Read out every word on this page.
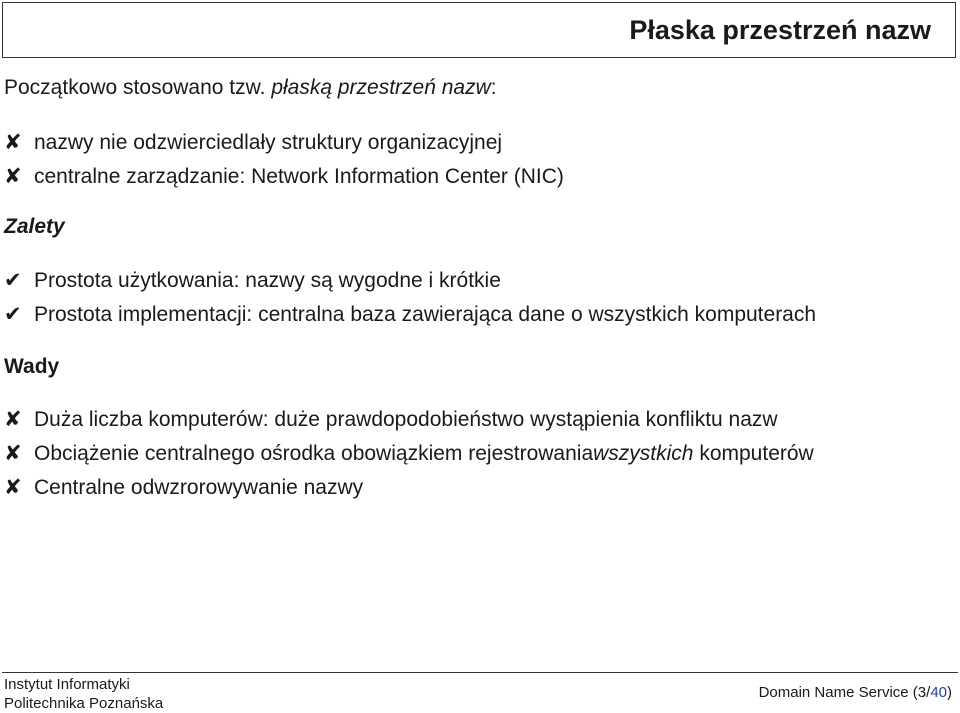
Płaska przestrzeń nazw
Początkowo stosowano tzw. płaską przestrzeń nazw:
✘ nazwy nie odzwierciedlały struktury organizacyjnej
✘ centralne zarządzanie: Network Information Center (NIC)
Zalety
✔ Prostota użytkowania: nazwy są wygodne i krótkie
✔ Prostota implementacji: centralna baza zawierająca dane o wszystkich komputerach
Wady
✘ Duża liczba komputerów: duże prawdopodobieństwo wystąpienia konfliktu nazw
✘ Obciążenie centralnego ośrodka obowiązkiem rejestrowaniawszystkich komputerów
✘ Centralne odwzrorowywanie nazwy
Instytut Informatyki
Politechnika Poznańska
Domain Name Service (3/40)
